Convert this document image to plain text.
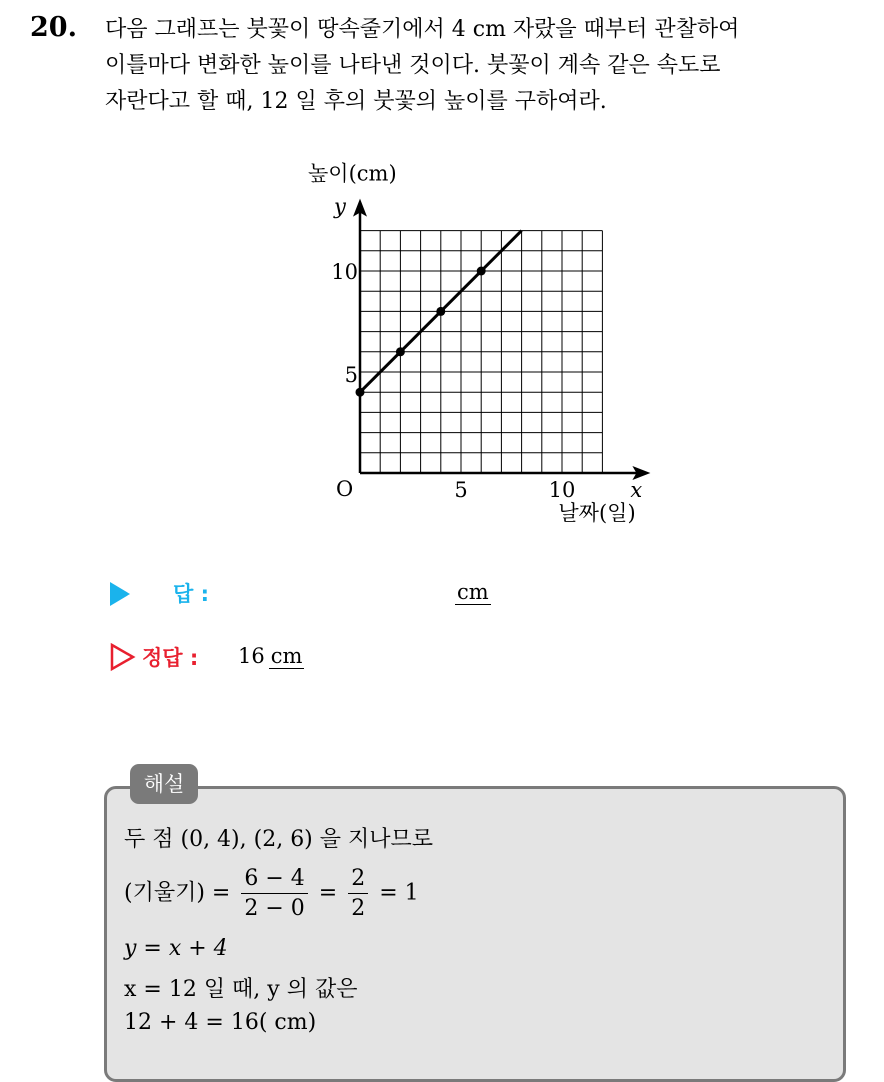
20. 다음 그래프는 붓꽃이 땅속줄기에서 4 cm 자랐을 때부터 관찰하여
이틀마다 변화한 높이를 나타낸 것이다. 붓꽃이 계속 같은 속도로
자란다고 할 때, 12 일 후의 붓꽃의 높이를 구하여라.
높이(cm)
y
x
날짜(일)
O	5	10
5
10
답 :	cm
정답 : 16 cm
해설
두 점 (0, 4), (2, 6) 을 지나므로
(기울기) = $\frac{6 - 4}{2 - 0} = \frac{2}{2} = 1$
y = x + 4
x = 12 일 때, y 의 값은
12 + 4 = 16( cm)
